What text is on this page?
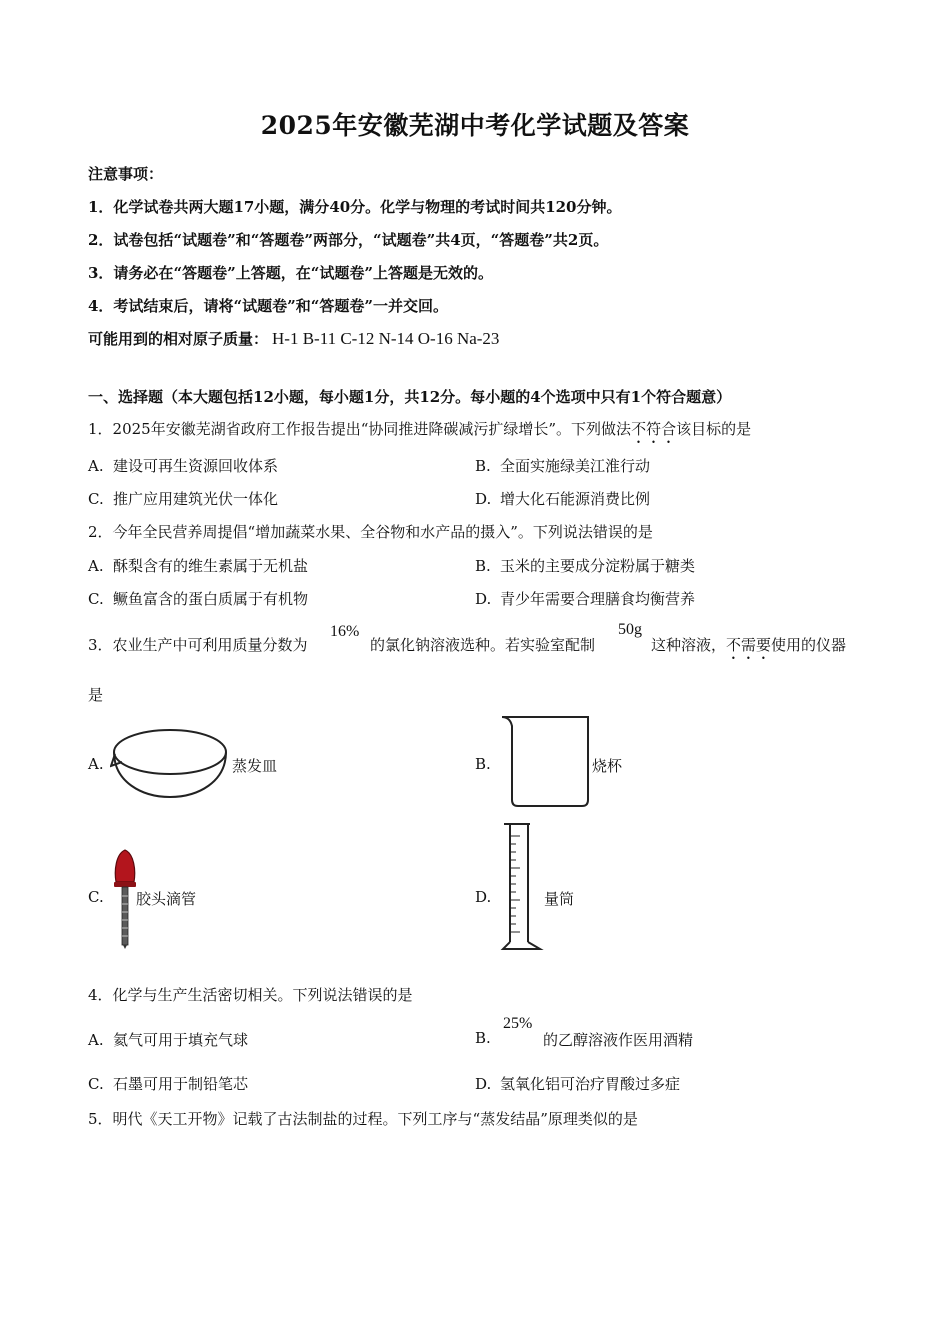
2025年安徽芜湖中考化学试题及答案
注意事项：
1．化学试卷共两大题17小题，满分40分。化学与物理的考试时间共120分钟。
2．试卷包括“试题卷”和“答题卷”两部分，“试题卷”共4页，“答题卷”共2页。
3．请务必在“答题卷”上答题，在“试题卷”上答题是无效的。
4．考试结束后，请将“试题卷”和“答题卷”一并交回。
可能用到的相对原子质量： H-1 B-11 C-12 N-14 O-16 Na-23
一、选择题（本大题包括12小题，每小题1分，共12分。每小题的4个选项中只有1个符合题意）
1．2025年安徽芜湖省政府工作报告提出“协同推进降碳减污扩绿增长”。下列做法不符合该目标的是
A. 建设可再生资源回收体系	B. 全面实施绿美江淮行动
C. 推广应用建筑光伏一体化	D. 增大化石能源消费比例
2．今年全民营养周提倡“增加蔬菜水果、全谷物和水产品的摄入”。下列说法错误的是
A. 酥梨含有的维生素属于无机盐	B. 玉米的主要成分淀粉属于糖类
C. 鳜鱼富含的蛋白质属于有机物	D. 青少年需要合理膳食均衡营养
3．农业生产中可利用质量分数为
16%
的氯化钠溶液选种。若实验室配制
50g
这种溶液，不需要使用的仪器
是
A.	蒸发皿	B.	烧杯
C. 胶头滴管	D.	量筒
4．化学与生产生活密切相关。下列说法错误的是
A. 氦气可用于填充气球	B.
25%
的乙醇溶液作医用酒精
C. 石墨可用于制铅笔芯	D. 氢氧化铝可治疗胃酸过多症
5．明代《天工开物》记载了古法制盐的过程。下列工序与“蒸发结晶”原理类似的是
